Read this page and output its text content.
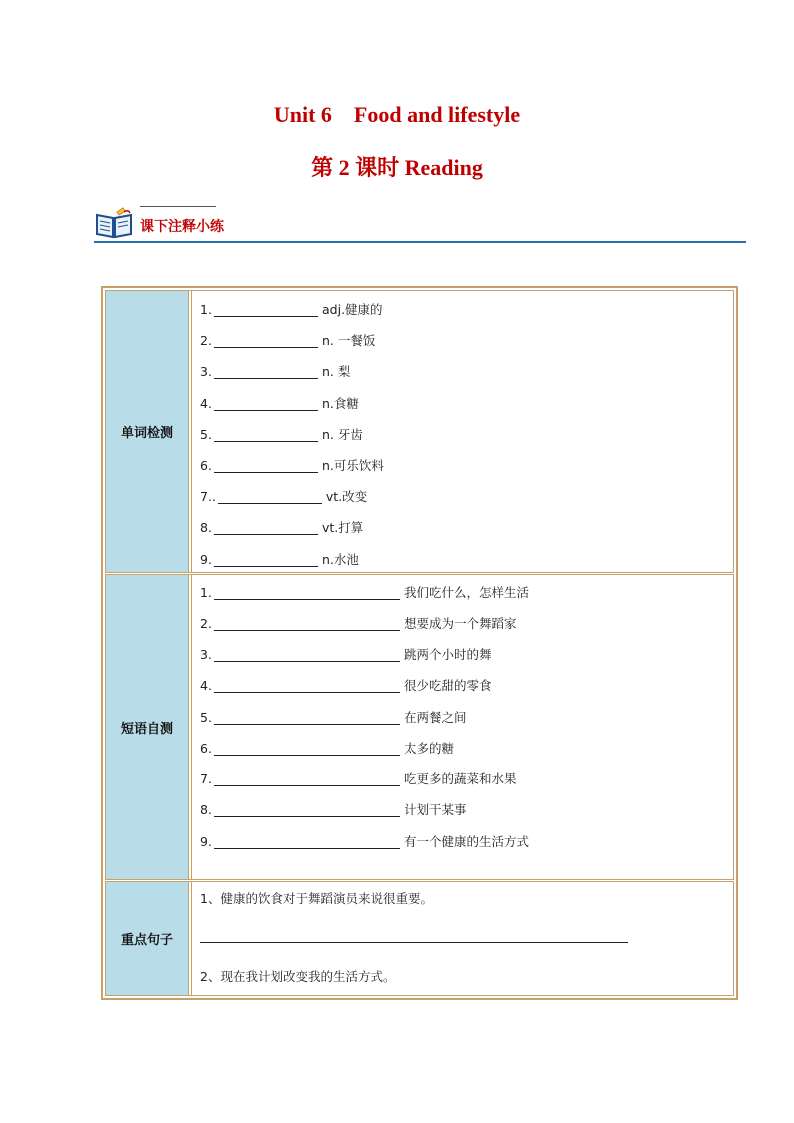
Unit 6 Food and lifestyle
第 2 课时 Reading
课下注释小练
单词检测
1.	adj.健康的
2.	n. 一餐饭
3.	n. 梨
4.	n.食糖
5.	n. 牙齿
6.	n.可乐饮料
7..	vt.改变
8.	vt.打算
9.	n.水池
短语自测
1.	我们吃什么，怎样生活
2.	想要成为一个舞蹈家
3.	跳两个小时的舞
4.	很少吃甜的零食
5.	在两餐之间
6.	太多的糖
7.	吃更多的蔬菜和水果
8.	计划干某事
9.	有一个健康的生活方式
重点句子
1、健康的饮食对于舞蹈演员来说很重要。
2、现在我计划改变我的生活方式。
